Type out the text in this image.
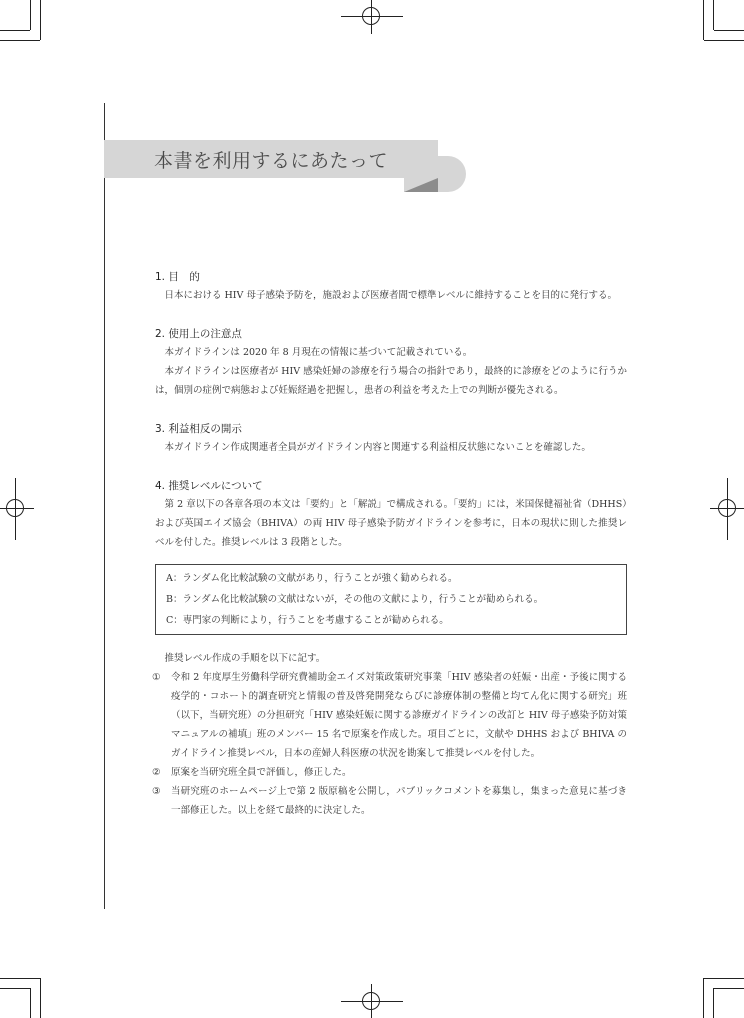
本書を利用するにあたって

1. 目　的

日本における HIV 母子感染予防を，施設および医療者間で標準レベルに維持することを目的に発行する。

2. 使用上の注意点

本ガイドラインは 2020 年 8 月現在の情報に基づいて記載されている。

本ガイドラインは医療者が HIV 感染妊婦の診療を行う場合の指針であり，最終的に診療をどのように行うかは，個別の症例で病態および妊娠経過を把握し，患者の利益を考えた上での判断が優先される。

3. 利益相反の開示

本ガイドライン作成関連者全員がガイドライン内容と関連する利益相反状態にないことを確認した。

4. 推奨レベルについて

第 2 章以下の各章各項の本文は「要約」と「解説」で構成される。「要約」には，米国保健福祉省（DHHS）および英国エイズ協会（BHIVA）の両 HIV 母子感染予防ガイドラインを参考に，日本の現状に則した推奨レベルを付した。推奨レベルは 3 段階とした。

A：ランダム化比較試験の文献があり，行うことが強く勧められる。
B：ランダム化比較試験の文献はないが，その他の文献により，行うことが勧められる。
C：専門家の判断により，行うことを考慮することが勧められる。

推奨レベル作成の手順を以下に記す。

① 令和 2 年度厚生労働科学研究費補助金エイズ対策政策研究事業「HIV 感染者の妊娠・出産・予後に関する疫学的・コホート的調査研究と情報の普及啓発開発ならびに診療体制の整備と均てん化に関する研究」班（以下，当研究班）の分担研究「HIV 感染妊娠に関する診療ガイドラインの改訂と HIV 母子感染予防対策マニュアルの補填」班のメンバー 15 名で原案を作成した。項目ごとに，文献や DHHS および BHIVA のガイドライン推奨レベル，日本の産婦人科医療の状況を勘案して推奨レベルを付した。
② 原案を当研究班全員で評価し，修正した。
③ 当研究班のホームページ上で第 2 版原稿を公開し，パブリックコメントを募集し，集まった意見に基づき一部修正した。以上を経て最終的に決定した。
